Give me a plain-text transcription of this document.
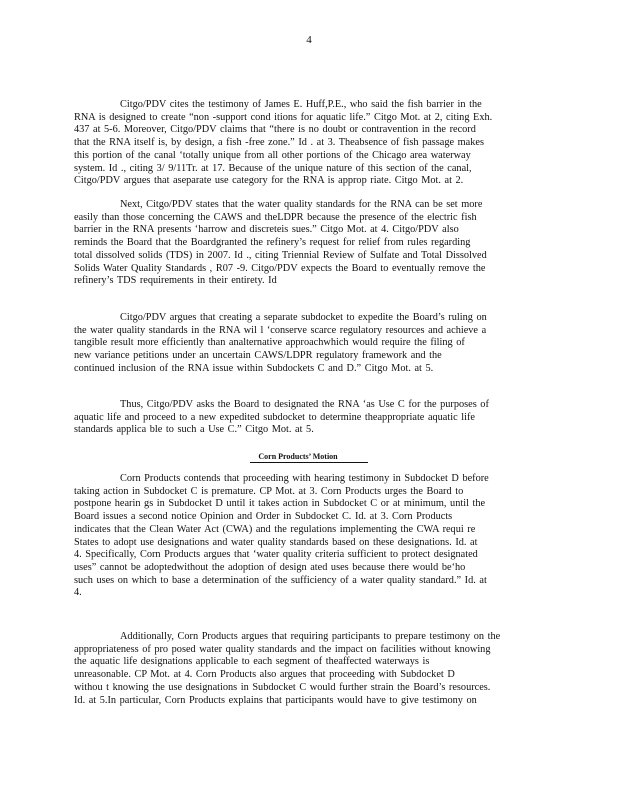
4
Citgo/PDV cites the testimony of James E. Huff,P.E., who said the fish barrier in the
RNA is designed to create “non -support cond itions for aquatic life.” Citgo Mot. at 2, citing Exh.
437 at 5-6. Moreover, Citgo/PDV claims that “there is no doubt or contravention in the record
that the RNA itself is, by design, a fish -free zone.” Id . at 3. Theabsence of fish passage makes
this portion of the canal ‘totally unique from all other portions of the Chicago area waterway
system. Id ., citing 3/ 9/11Tr. at 17. Because of the unique nature of this section of the canal,
Citgo/PDV argues that aseparate use category for the RNA is approp riate. Citgo Mot. at 2.
Next, Citgo/PDV states that the water quality standards for the RNA can be set more
easily than those concerning the CAWS and theLDPR because the presence of the electric fish
barrier in the RNA presents ‘harrow and discreteis sues.” Citgo Mot. at 4. Citgo/PDV also
reminds the Board that the Boardgranted the refinery’s request for relief from rules regarding
total dissolved solids (TDS) in 2007. Id ., citing Triennial Review of Sulfate and Total Dissolved
Solids Water Quality Standards , R07 -9. Citgo/PDV expects the Board to eventually remove the
refinery’s TDS requirements in their entirety. Id
Citgo/PDV argues that creating a separate subdocket to expedite the Board’s ruling on
the water quality standards in the RNA wil l ‘conserve scarce regulatory resources and achieve a
tangible result more efficiently than analternative approachwhich would require the filing of
new variance petitions under an uncertain CAWS/LDPR regulatory framework and the
continued inclusion of the RNA issue within Subdockets C and D.” Citgo Mot. at 5.
Thus, Citgo/PDV asks the Board to designated the RNA ‘as Use C for the purposes of
aquatic life and proceed to a new expedited subdocket to determine theappropriate aquatic life
standards applica ble to such a Use C.” Citgo Mot. at 5.
Corn Products’ Motion
Corn Products contends that proceeding with hearing testimony in Subdocket D before
taking action in Subdocket C is premature. CP Mot. at 3. Corn Products urges the Board to
postpone hearin gs in Subdocket D until it takes action in Subdocket C or at minimum, until the
Board issues a second notice Opinion and Order in Subdocket C. Id. at 3. Corn Products
indicates that the Clean Water Act (CWA) and the regulations implementing the CWA requi re
States to adopt use designations and water quality standards based on these designations. Id. at
4. Specifically, Corn Products argues that ‘water quality criteria sufficient to protect designated
uses” cannot be adoptedwithout the adoption of design ated uses because there would be‘ho
such uses on which to base a determination of the sufficiency of a water quality standard.” Id. at
4.
Additionally, Corn Products argues that requiring participants to prepare testimony on the
appropriateness of pro posed water quality standards and the impact on facilities without knowing
the aquatic life designations applicable to each segment of theaffected waterways is
unreasonable. CP Mot. at 4. Corn Products also argues that proceeding with Subdocket D
withou t knowing the use designations in Subdocket C would further strain the Board’s resources.
Id. at 5.In particular, Corn Products explains that participants would have to give testimony on
